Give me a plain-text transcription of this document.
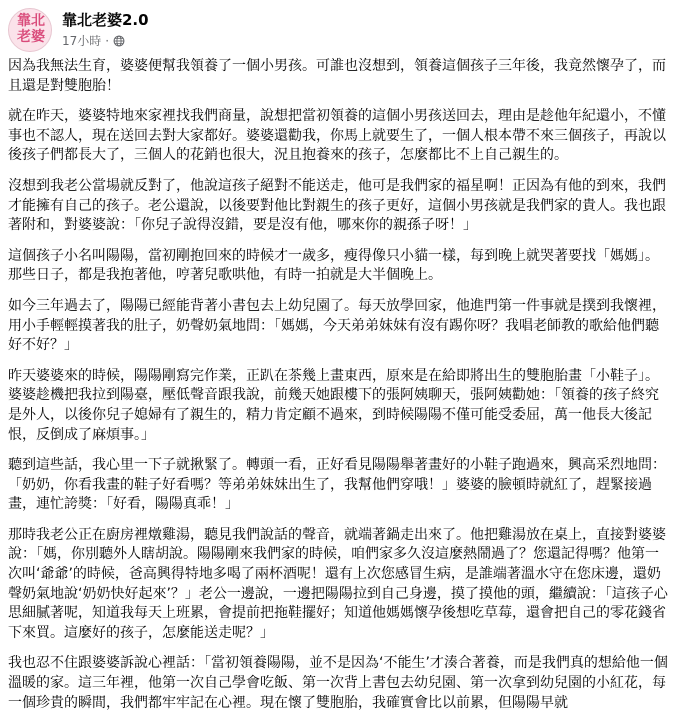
靠北
老婆
靠北老婆2.0
17小時 ·

因為我無法生育，婆婆便幫我領養了一個小男孩。可誰也沒想到，領養這個孩子三年後，我竟然懷孕了，而且還是對雙胞胎！

就在昨天，婆婆特地來家裡找我們商量，說想把當初領養的這個小男孩送回去，理由是趁他年紀還小，不懂事也不認人，現在送回去對大家都好。婆婆還勸我，你馬上就要生了，一個人根本帶不來三個孩子，再說以後孩子們都長大了，三個人的花銷也很大，況且抱養來的孩子，怎麼都比不上自己親生的。

沒想到我老公當場就反對了，他說這孩子絕對不能送走，他可是我們家的福星啊！正因為有他的到來，我們才能擁有自己的孩子。老公還說，以後要對他比對親生的孩子更好，這個小男孩就是我們家的貴人。我也跟著附和，對婆婆說：「你兒子說得沒錯，要是沒有他，哪來你的親孫子呀！」

這個孩子小名叫陽陽，當初剛抱回來的時候才一歲多，瘦得像只小貓一樣，每到晚上就哭著要找「媽媽」。那些日子，都是我抱著他，哼著兒歌哄他，有時一拍就是大半個晚上。

如今三年過去了，陽陽已經能背著小書包去上幼兒園了。每天放學回家，他進門第一件事就是撲到我懷裡，用小手輕輕摸著我的肚子，奶聲奶氣地問：「媽媽，今天弟弟妹妹有沒有踢你呀？我唱老師教的歌給他們聽好不好？」

昨天婆婆來的時候，陽陽剛寫完作業，正趴在茶幾上畫東西，原來是在給即將出生的雙胞胎畫「小鞋子」。婆婆趁機把我拉到陽臺，壓低聲音跟我說，前幾天她跟樓下的張阿姨聊天，張阿姨勸她：「領養的孩子終究是外人，以後你兒子媳婦有了親生的，精力肯定顧不過來，到時候陽陽不僅可能受委屈，萬一他長大後記恨，反倒成了麻煩事。」

聽到這些話，我心里一下子就揪緊了。轉頭一看，正好看見陽陽舉著畫好的小鞋子跑過來，興高采烈地問：「奶奶，你看我畫的鞋子好看嗎？等弟弟妹妹出生了，我幫他們穿哦！」婆婆的臉頓時就紅了，趕緊接過畫，連忙誇獎：「好看，陽陽真乖！」

那時我老公正在廚房裡燉雞湯，聽見我們說話的聲音，就端著鍋走出來了。他把雞湯放在桌上，直接對婆婆說：「媽，你別聽外人瞎胡說。陽陽剛來我們家的時候，咱們家多久沒這麼熱鬧過了？您還記得嗎？他第一次叫‘爺爺’的時候，爸高興得特地多喝了兩杯酒呢！還有上次您感冒生病，是誰端著溫水守在您床邊，還奶聲奶氣地說‘奶奶快好起來’？」老公一邊說，一邊把陽陽拉到自己身邊，摸了摸他的頭，繼續說：「這孩子心思細膩著呢，知道我每天上班累，會提前把拖鞋擺好；知道他媽媽懷孕後想吃草莓，還會把自己的零花錢省下來買。這麼好的孩子，怎麼能送走呢？」

我也忍不住跟婆婆訴說心裡話：「當初領養陽陽，並不是因為‘不能生’才湊合著養，而是我們真的想給他一個溫暖的家。這三年裡，他第一次自己學會吃飯、第一次背上書包去幼兒園、第一次拿到幼兒園的小紅花，每一個珍貴的瞬間，我們都牢牢記在心裡。現在懷了雙胞胎，我確實會比以前累，但陽陽早就
